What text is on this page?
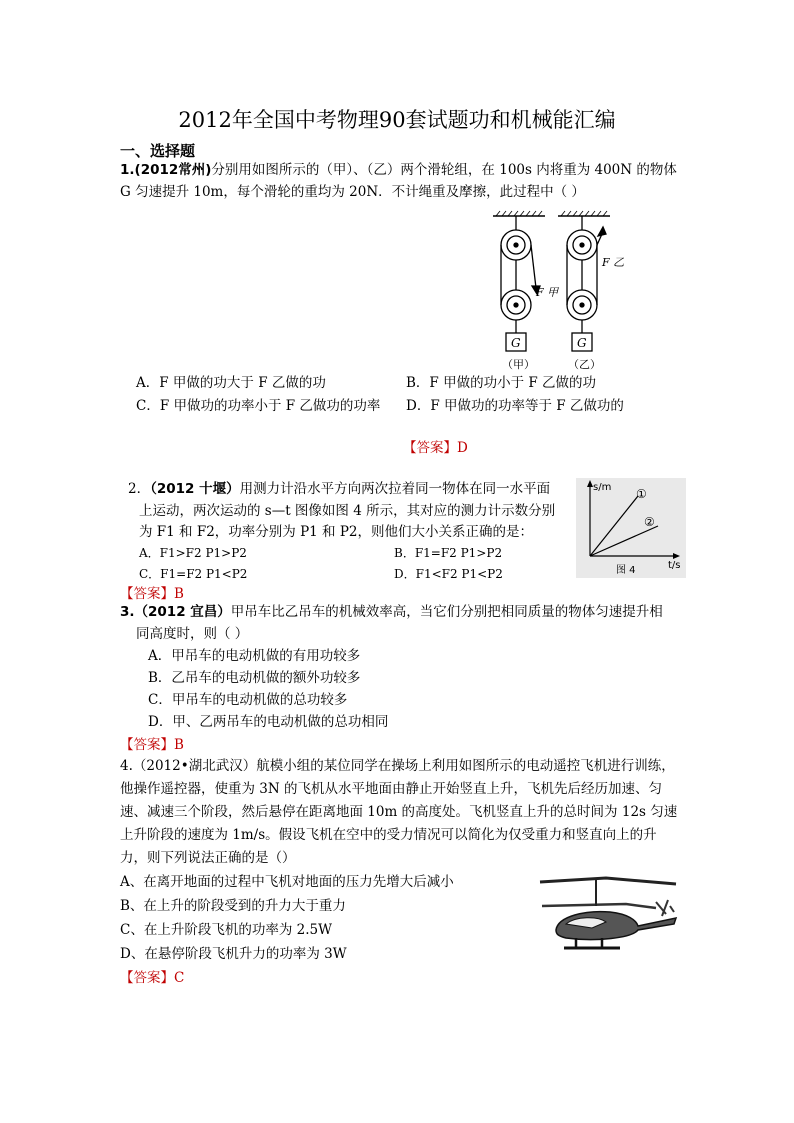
2012年全国中考物理90套试题功和机械能汇编
一、选择题
1.(2012常州)分别用如图所示的（甲）、（乙）两个滑轮组，在 100s 内将重为 400N 的物体
G 匀速提升 10m，每个滑轮的重均为 20N．不计绳重及摩擦，此过程中（ ）
F 甲
F 乙
G	G
（甲）	（乙）
A．F 甲做的功大于 F 乙做的功	B．F 甲做的功小于 F 乙做的功
C．F 甲做功的功率小于 F 乙做功的功率 D．F 甲做功的功率等于 F 乙做功的
【答案】D
2．（2012 十堰）用测力计沿水平方向两次拉着同一物体在同一水平面
上运动，两次运动的 s—t 图像如图 4 所示，其对应的测力计示数分别
为 F1 和 F2，功率分别为 P1 和 P2，则他们大小关系正确的是：
A．F1>F2 P1>P2	B．F1=F2 P1>P2
C．F1=F2 P1<P2	D．F1<F2 P1<P2
s/m
t/s
①
②
图 4
【答案】B
3.（2012 宜昌）甲吊车比乙吊车的机械效率高，当它们分别把相同质量的物体匀速提升相
同高度时，则（ ）
A．甲吊车的电动机做的有用功较多
B．乙吊车的电动机做的额外功较多
C．甲吊车的电动机做的总功较多
D．甲、乙两吊车的电动机做的总功相同
【答案】B
4.（2012•湖北武汉）航模小组的某位同学在操场上利用如图所示的电动遥控飞机进行训练，
他操作遥控器，使重为 3N 的飞机从水平地面由静止开始竖直上升，飞机先后经历加速、匀
速、减速三个阶段，然后悬停在距离地面 10m 的高度处。飞机竖直上升的总时间为 12s 匀速
上升阶段的速度为 1m/s。假设飞机在空中的受力情况可以简化为仅受重力和竖直向上的升
力，则下列说法正确的是（）
A、在离开地面的过程中飞机对地面的压力先增大后减小
B、在上升的阶段受到的升力大于重力
C、在上升阶段飞机的功率为 2.5W
D、在悬停阶段飞机升力的功率为 3W
【答案】C
